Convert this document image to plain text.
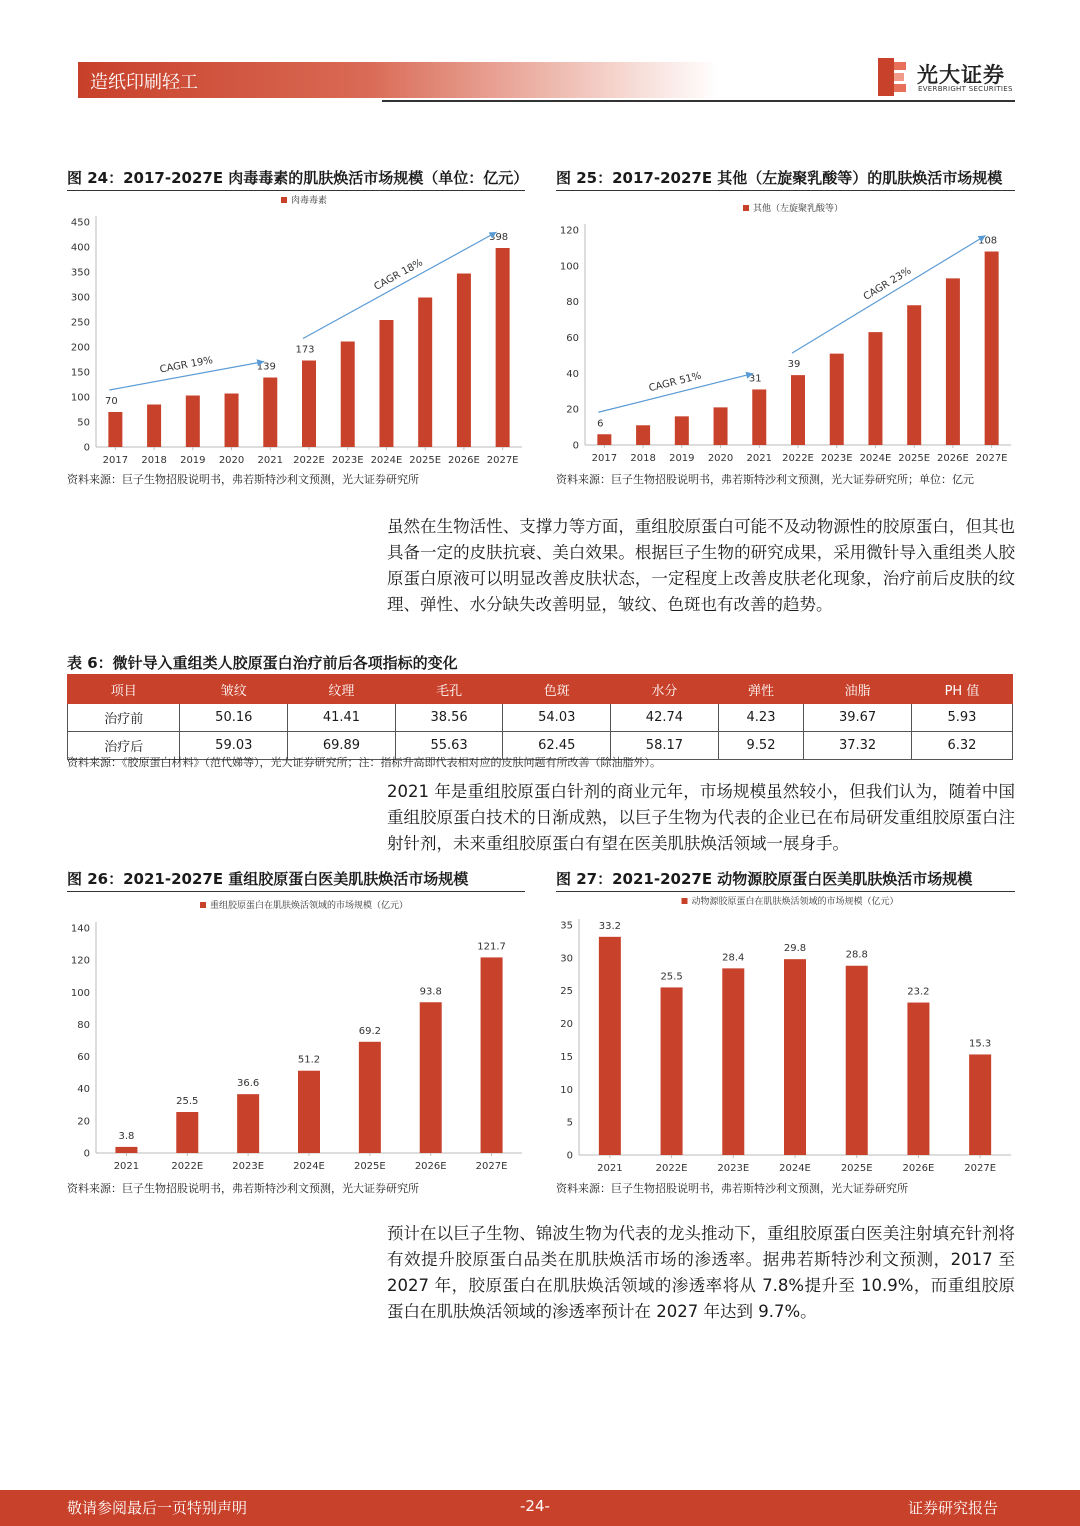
造纸印刷轻工	光大证券
EVERBRIGHT SECURITIES
图 24：2017-2027E 肉毒毒素的肌肤焕活市场规模（单位：亿元）
肉毒毒素
0
50
100
150
200
250
300
350
400
450
2017
70
2018 2019 2020 2021
139
2022E
173
2023E 2024E 2025E 2026E 2027E
398
CAGR 19%
CAGR 18%
资料来源：巨子生物招股说明书，弗若斯特沙利文预测，光大证券研究所
图 25：2017-2027E 其他（左旋聚乳酸等）的肌肤焕活市场规模
其他（左旋聚乳酸等）
0
20
40
60
80
100
120
2017
6
2018 2019 2020 2021
31
2022E
39
2023E 2024E 2025E 2026E 2027E
108
CAGR 51%
CAGR 23%
资料来源：巨子生物招股说明书，弗若斯特沙利文预测，光大证券研究所；单位：亿元

虽然在生物活性、支撑力等方面，重组胶原蛋白可能不及动物源性的胶原蛋白，但其也具备一定的皮肤抗衰、美白效果。根据巨子生物的研究成果，采用微针导入重组类人胶原蛋白原液可以明显改善皮肤状态，一定程度上改善皮肤老化现象，治疗前后皮肤的纹理、弹性、水分缺失改善明显，皱纹、色斑也有改善的趋势。

表 6：微针导入重组类人胶原蛋白治疗前后各项指标的变化
项目	皱纹	纹理	毛孔	色斑	水分	弹性	油脂	PH 值
治疗前	50.16	41.41	38.56	54.03	42.74	4.23	39.67	5.93
治疗后	59.03	69.89	55.63	62.45	58.17	9.52	37.32	6.32
资料来源：《胶原蛋白材料》（范代娣等），光大证券研究所；注：指标升高即代表相对应的皮肤问题有所改善（除油脂外）。

2021 年是重组胶原蛋白针剂的商业元年，市场规模虽然较小，但我们认为，随着中国重组胶原蛋白技术的日渐成熟，以巨子生物为代表的企业已在布局研发重组胶原蛋白注射针剂，未来重组胶原蛋白有望在医美肌肤焕活领域一展身手。

图 26：2021-2027E 重组胶原蛋白医美肌肤焕活市场规模
重组胶原蛋白在肌肤焕活领域的市场规模（亿元）
0
20
40
60
80
100
120
140
2021
3.8
2022E
25.5
2023E
36.6
2024E
51.2
2025E
69.2
2026E
93.8
2027E
121.7
资料来源：巨子生物招股说明书，弗若斯特沙利文预测，光大证券研究所
图 27：2021-2027E 动物源胶原蛋白医美肌肤焕活市场规模
动物源胶原蛋白在肌肤焕活领域的市场规模（亿元）
0
5
10
15
20
25
30
35
2021
33.2
2022E
25.5
2023E
28.4
2024E
29.8
2025E
28.8
2026E
23.2
2027E
15.3
资料来源：巨子生物招股说明书，弗若斯特沙利文预测，光大证券研究所

预计在以巨子生物、锦波生物为代表的龙头推动下，重组胶原蛋白医美注射填充针剂将有效提升胶原蛋白品类在肌肤焕活市场的渗透率。据弗若斯特沙利文预测，2017 至 2027 年，胶原蛋白在肌肤焕活领域的渗透率将从 7.8%提升至 10.9%，而重组胶原蛋白在肌肤焕活领域的渗透率预计在 2027 年达到 9.7%。

敬请参阅最后一页特别声明	-24-	证券研究报告
